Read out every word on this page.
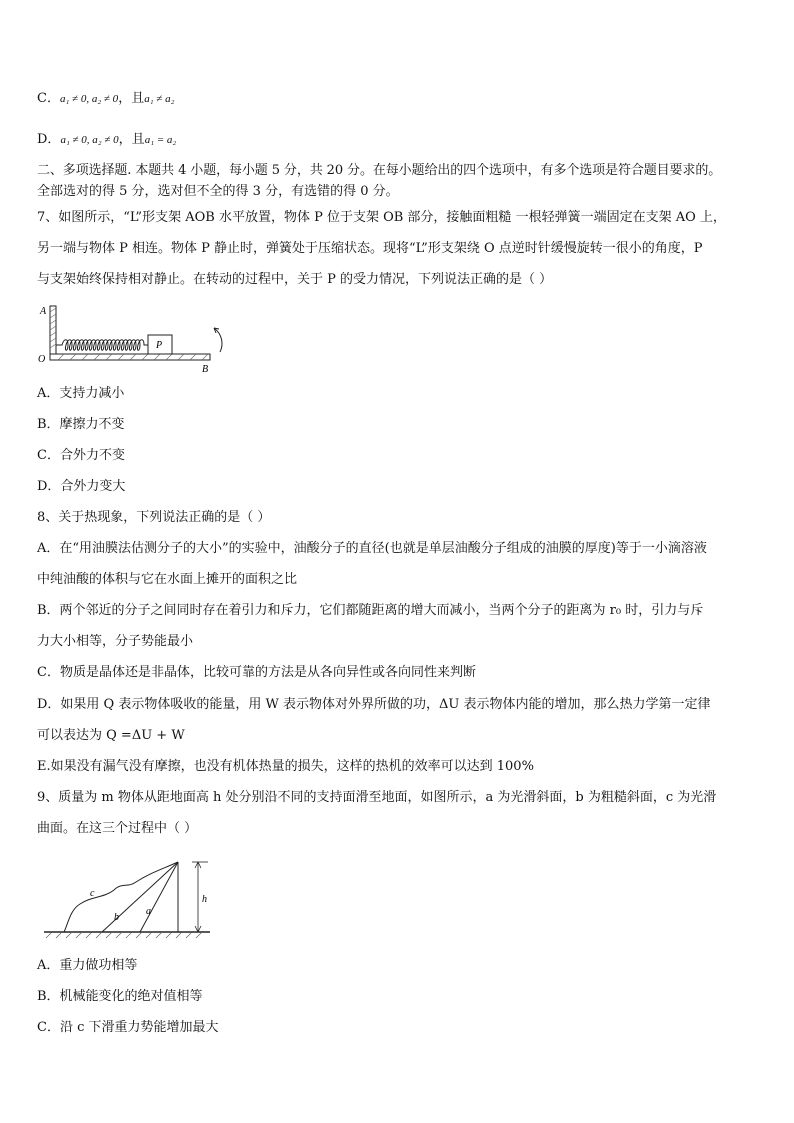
C．a₁ ≠ 0, a₂ ≠ 0，且a₁ ≠ a₂
D．a₁ ≠ 0, a₂ ≠ 0，且a₁ = a₂
二、多项选择题. 本题共 4 小题，每小题 5 分，共 20 分。在每小题给出的四个选项中，有多个选项是符合题目要求的。
全部选对的得 5 分，选对但不全的得 3 分，有选错的得 0 分。
7、如图所示，“L”形支架 AOB 水平放置，物体 P 位于支架 OB 部分，接触面粗糙 一根轻弹簧一端固定在支架 AO 上，
另一端与物体 P 相连。物体 P 静止时，弹簧处于压缩状态。现将“L”形支架绕 O 点逆时针缓慢旋转一很小的角度，P
与支架始终保持相对静止。在转动的过程中，关于 P 的受力情况，下列说法正确的是（ ）
P
A
O
B
A．支持力减小
B．摩擦力不变
C．合外力不变
D．合外力变大
8、关于热现象，下列说法正确的是（ ）
A．在“用油膜法估测分子的大小”的实验中，油酸分子的直径(也就是单层油酸分子组成的油膜的厚度)等于一小滴溶液
中纯油酸的体积与它在水面上摊开的面积之比
B．两个邻近的分子之间同时存在着引力和斥力，它们都随距离的增大而减小，当两个分子的距离为 r₀ 时，引力与斥
力大小相等，分子势能最小
C．物质是晶体还是非晶体，比较可靠的方法是从各向异性或各向同性来判断
D．如果用 Q 表示物体吸收的能量，用 W 表示物体对外界所做的功，ΔU 表示物体内能的增加，那么热力学第一定律
可以表达为 Q =ΔU + W
E.如果没有漏气没有摩擦，也没有机体热量的损失，这样的热机的效率可以达到 100%
9、质量为 m 物体从距地面高 h 处分别沿不同的支持面滑至地面，如图所示，a 为光滑斜面，b 为粗糙斜面，c 为光滑
曲面。在这三个过程中（ ）
c
b
a
h
A．重力做功相等
B．机械能变化的绝对值相等
C．沿 c 下滑重力势能增加最大
